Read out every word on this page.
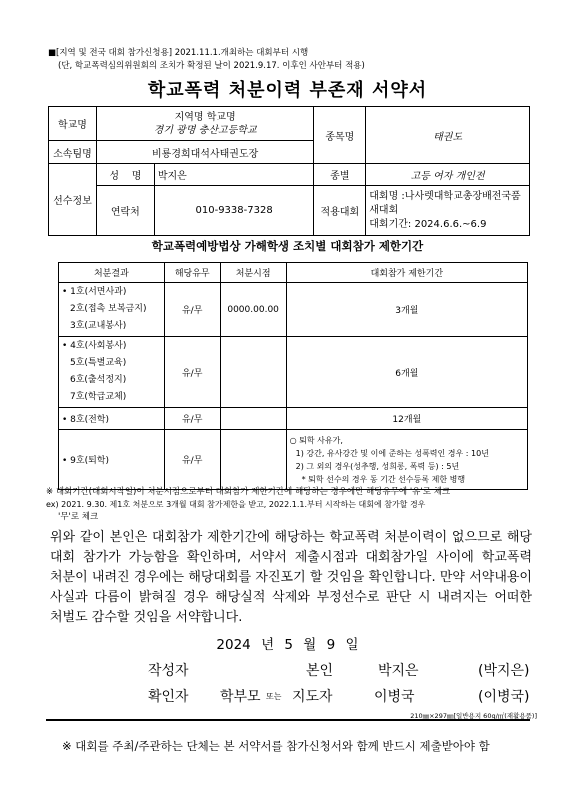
■[지역 및 전국 대회 참가신청용] 2021.11.1.개최하는 대회부터 시행
(단, 학교폭력심의위원회의 조치가 확정된 날이 2021.9.17. 이후인 사안부터 적용)
학교폭력 처분이력 부존재 서약서
학교명	지역명 학교명
경기 광명 충산고등학교		종목명	태권도
소속팀명	비룡경희대석사태권도장			
선수정보	성    명	박지은	종별	고등 여자 개인전
	연락처	010-9338-7328	적용대회	대회명 :나사렛대학교총장배전국품새대회
대회기간: 2024.6.6.~6.9
학교폭력예방법상 가해학생 조치별 대회참가 제한기간
처분결과	해당유무	처분시점	대회참가 제한기간

• 1호(서면사과)
2호(접촉 보복금지)
3호(교내봉사)	유/무	0000.00.00	3개월

• 4호(사회봉사)
5호(특별교육)
6호(출석정지)
7호(학급교체)	유/무		6개월
• 8호(전학)	유/무		12개월
• 9호(퇴학)	유/무		○ 퇴학 사유가,
1) 강간, 유사강간 및 이에 준하는 성폭력인 경우 : 10년
2) 그 외의 경우(성추행, 성희롱, 폭력 등) : 5년
* 퇴학 선수의 경우 동 기간 선수등록 제한 병행
※ 대회기간(대회시작일)이 처분시점으로부터 대회참가 제한기간에 해당하는 경우에만 해당유무에 '유'로 체크
ex) 2021. 9.30. 제1호 처분으로 3개월 대회 참가제한을 받고, 2022.1.1.부터 시작하는 대회에 참가할 경우
'무'로 체크
위와 같이 본인은 대회참가 제한기간에 해당하는 학교폭력 처분이력이 없으므로 해당 대회 참가가 가능함을 확인하며, 서약서 제출시점과 대회참가일 사이에 학교폭력 처분이 내려진 경우에는 해당대회를 자진포기 할 것임을 확인합니다. 만약 서약내용이 사실과 다름이 밝혀질 경우 해당실적 삭제와 부정선수로 판단 시 내려지는 어떠한 처벌도 감수할 것임을 서약합니다.
2024 년 5 월 9 일
작성자	본인	박지은	(박지은)
확인자 학부모 또는 지도자	이병국	(이병국)
210㎜×297㎜[일반용지 60g/㎡(재활용품)]
※ 대회를 주최/주관하는 단체는 본 서약서를 참가신청서와 함께 반드시 제출받아야 함
